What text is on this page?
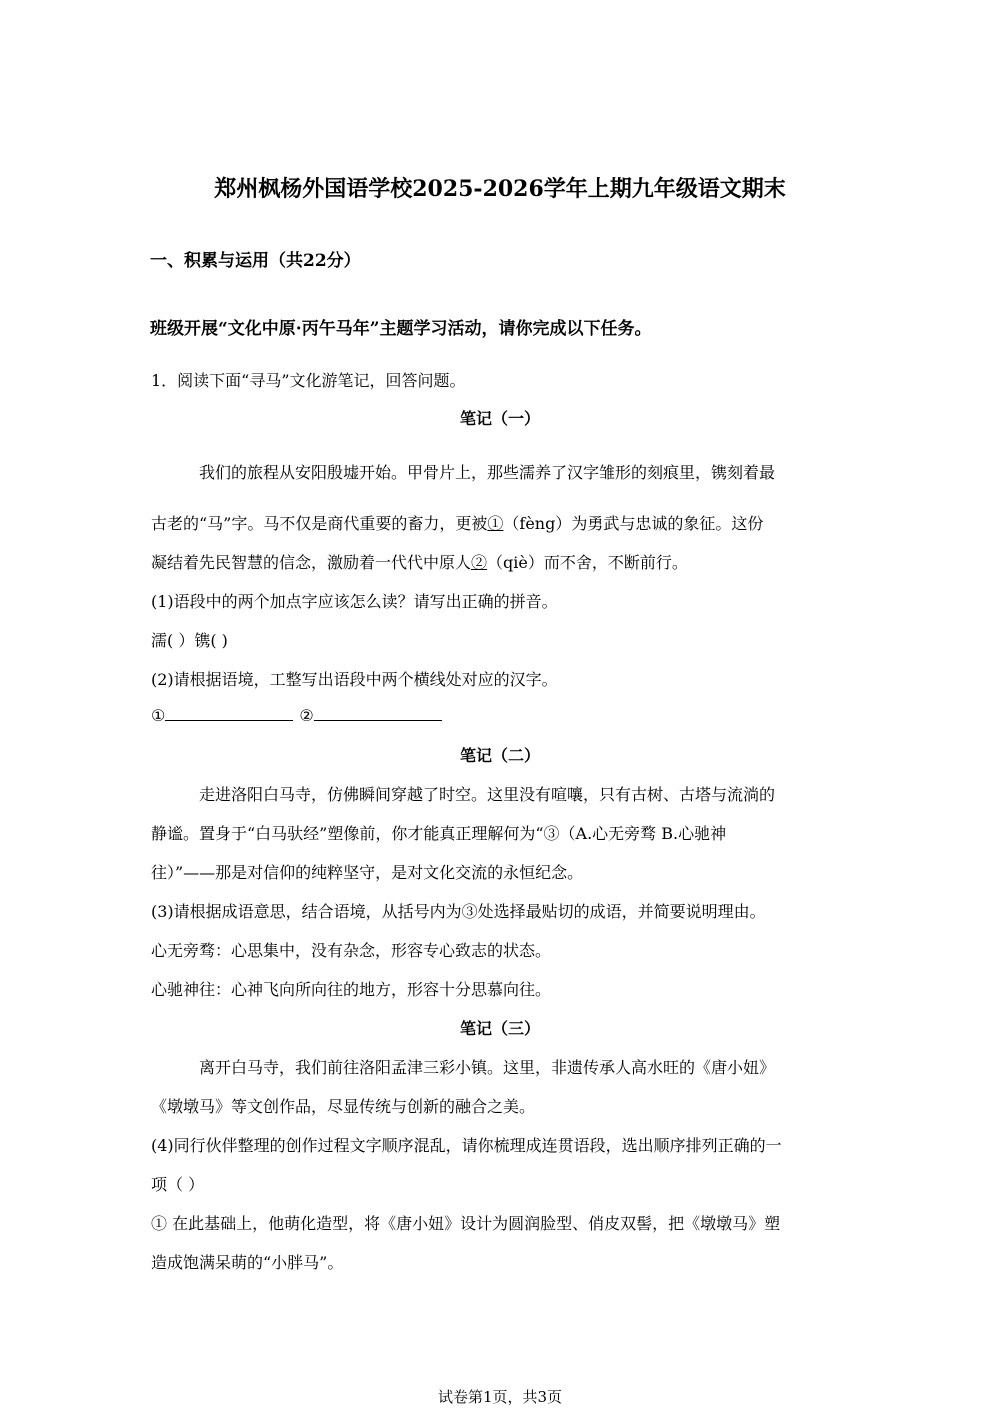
郑州枫杨外国语学校2025-2026学年上期九年级语文期末
一、积累与运用（共22分）
班级开展“文化中原·丙午马年”主题学习活动，请你完成以下任务。
1．阅读下面“寻马”文化游笔记，回答问题。
笔记（一）
我们的旅程从安阳殷墟开始。甲骨片上，那些濡养了汉字雏形的刻痕里，镌刻着最
古老的“马”字。马不仅是商代重要的畜力，更被①（fèng）为勇武与忠诚的象征。这份
凝结着先民智慧的信念，激励着一代代中原人②（qiè）而不舍，不断前行。
(1)语段中的两个加点字应该怎么读？请写出正确的拼音。
濡( ）镌( )
(2)请根据语境，工整写出语段中两个横线处对应的汉字。
①	②
笔记（二）
走进洛阳白马寺，仿佛瞬间穿越了时空。这里没有喧嚷，只有古树、古塔与流淌的
静谧。置身于“白马驮经”塑像前，你才能真正理解何为“③（A.心无旁骛 B.心驰神
往）”——那是对信仰的纯粹坚守，是对文化交流的永恒纪念。
(3)请根据成语意思，结合语境，从括号内为③处选择最贴切的成语，并简要说明理由。
心无旁骛：心思集中，没有杂念，形容专心致志的状态。
心驰神往：心神飞向所向往的地方，形容十分思慕向往。
笔记（三）
离开白马寺，我们前往洛阳孟津三彩小镇。这里，非遗传承人高水旺的《唐小妞》
《墩墩马》等文创作品，尽显传统与创新的融合之美。
(4)同行伙伴整理的创作过程文字顺序混乱，请你梳理成连贯语段，选出顺序排列正确的一
项（ ）
① 在此基础上，他萌化造型，将《唐小妞》设计为圆润脸型、俏皮双髻，把《墩墩马》塑
造成饱满呆萌的“小胖马”。
试卷第1页，共3页
